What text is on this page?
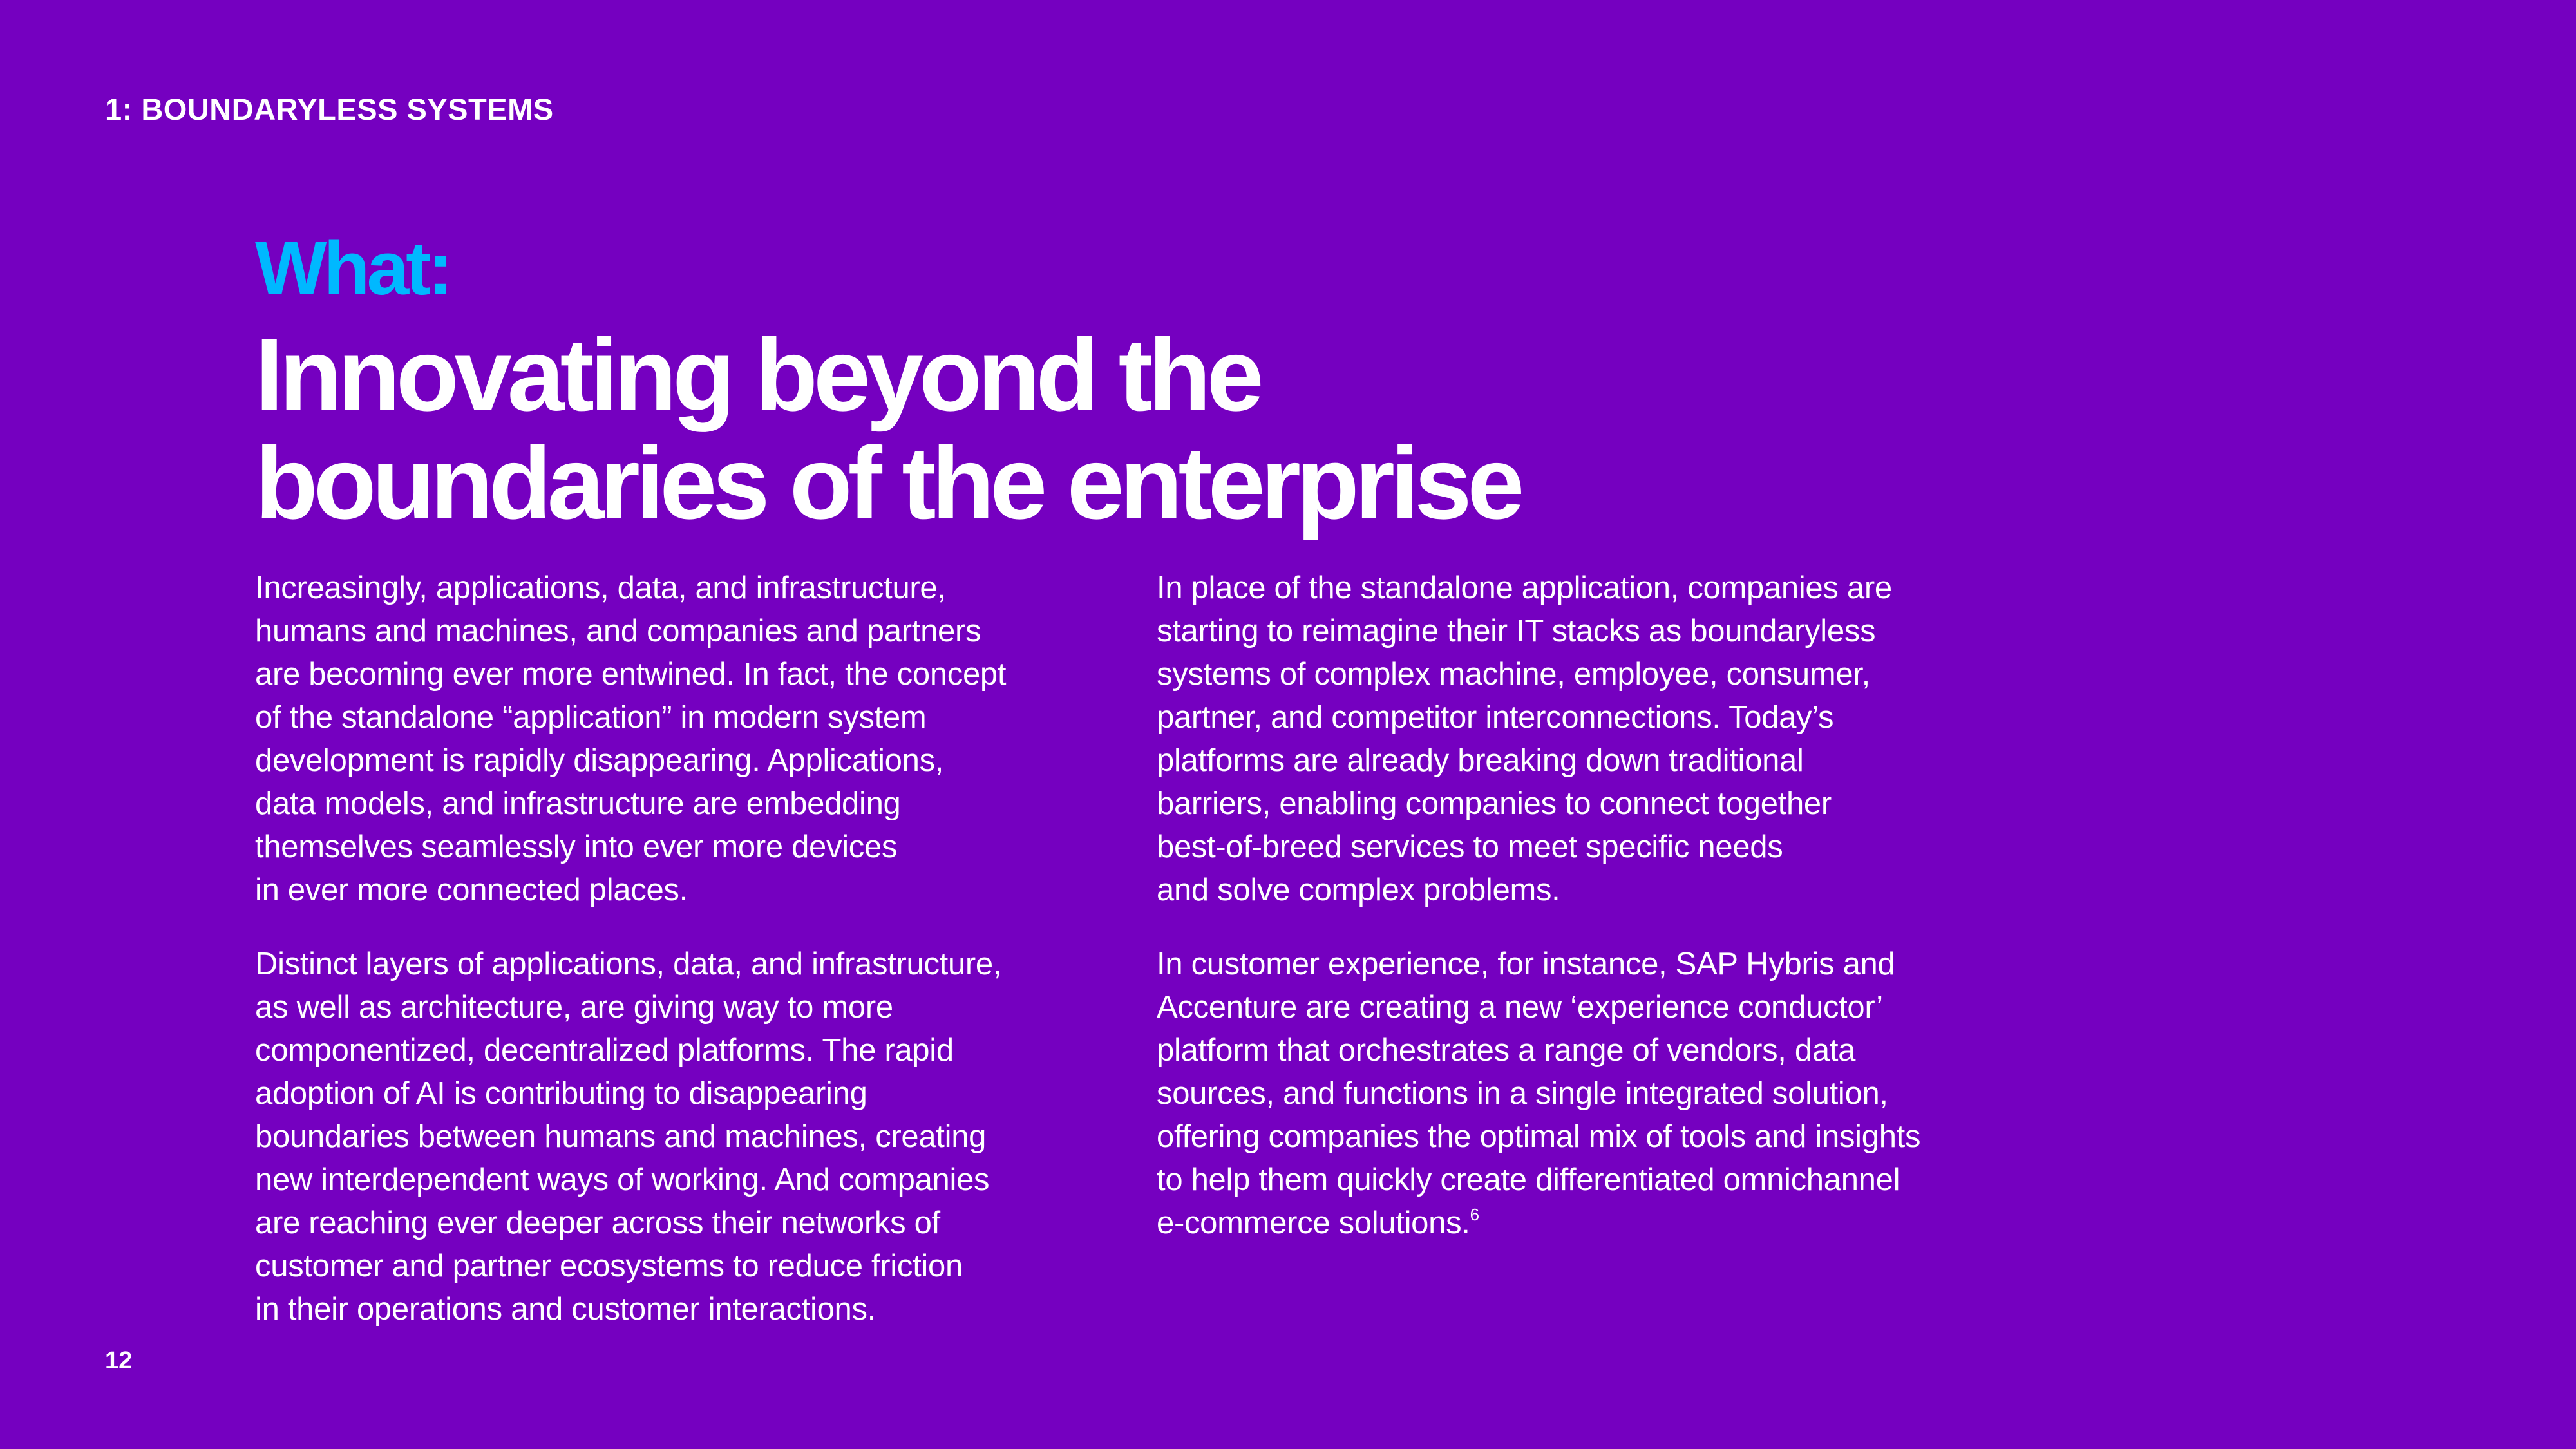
1: BOUNDARYLESS SYSTEMS
What:
Innovating beyond the
boundaries of the enterprise

Increasingly, applications, data, and infrastructure,
humans and machines, and companies and partners
are becoming ever more entwined. In fact, the concept
of the standalone “application” in modern system
development is rapidly disappearing. Applications,
data models, and infrastructure are embedding
themselves seamlessly into ever more devices
in ever more connected places.

Distinct layers of applications, data, and infrastructure,
as well as architecture, are giving way to more
componentized, decentralized platforms. The rapid
adoption of AI is contributing to disappearing
boundaries between humans and machines, creating
new interdependent ways of working. And companies
are reaching ever deeper across their networks of
customer and partner ecosystems to reduce friction
in their operations and customer interactions.

In place of the standalone application, companies are
starting to reimagine their IT stacks as boundaryless
systems of complex machine, employee, consumer,
partner, and competitor interconnections. Today’s
platforms are already breaking down traditional
barriers, enabling companies to connect together
best-of-breed services to meet specific needs
and solve complex problems.

In customer experience, for instance, SAP Hybris and
Accenture are creating a new ‘experience conductor’
platform that orchestrates a range of vendors, data
sources, and functions in a single integrated solution,
offering companies the optimal mix of tools and insights
to help them quickly create differentiated omnichannel
e-commerce solutions.$^6$

12
